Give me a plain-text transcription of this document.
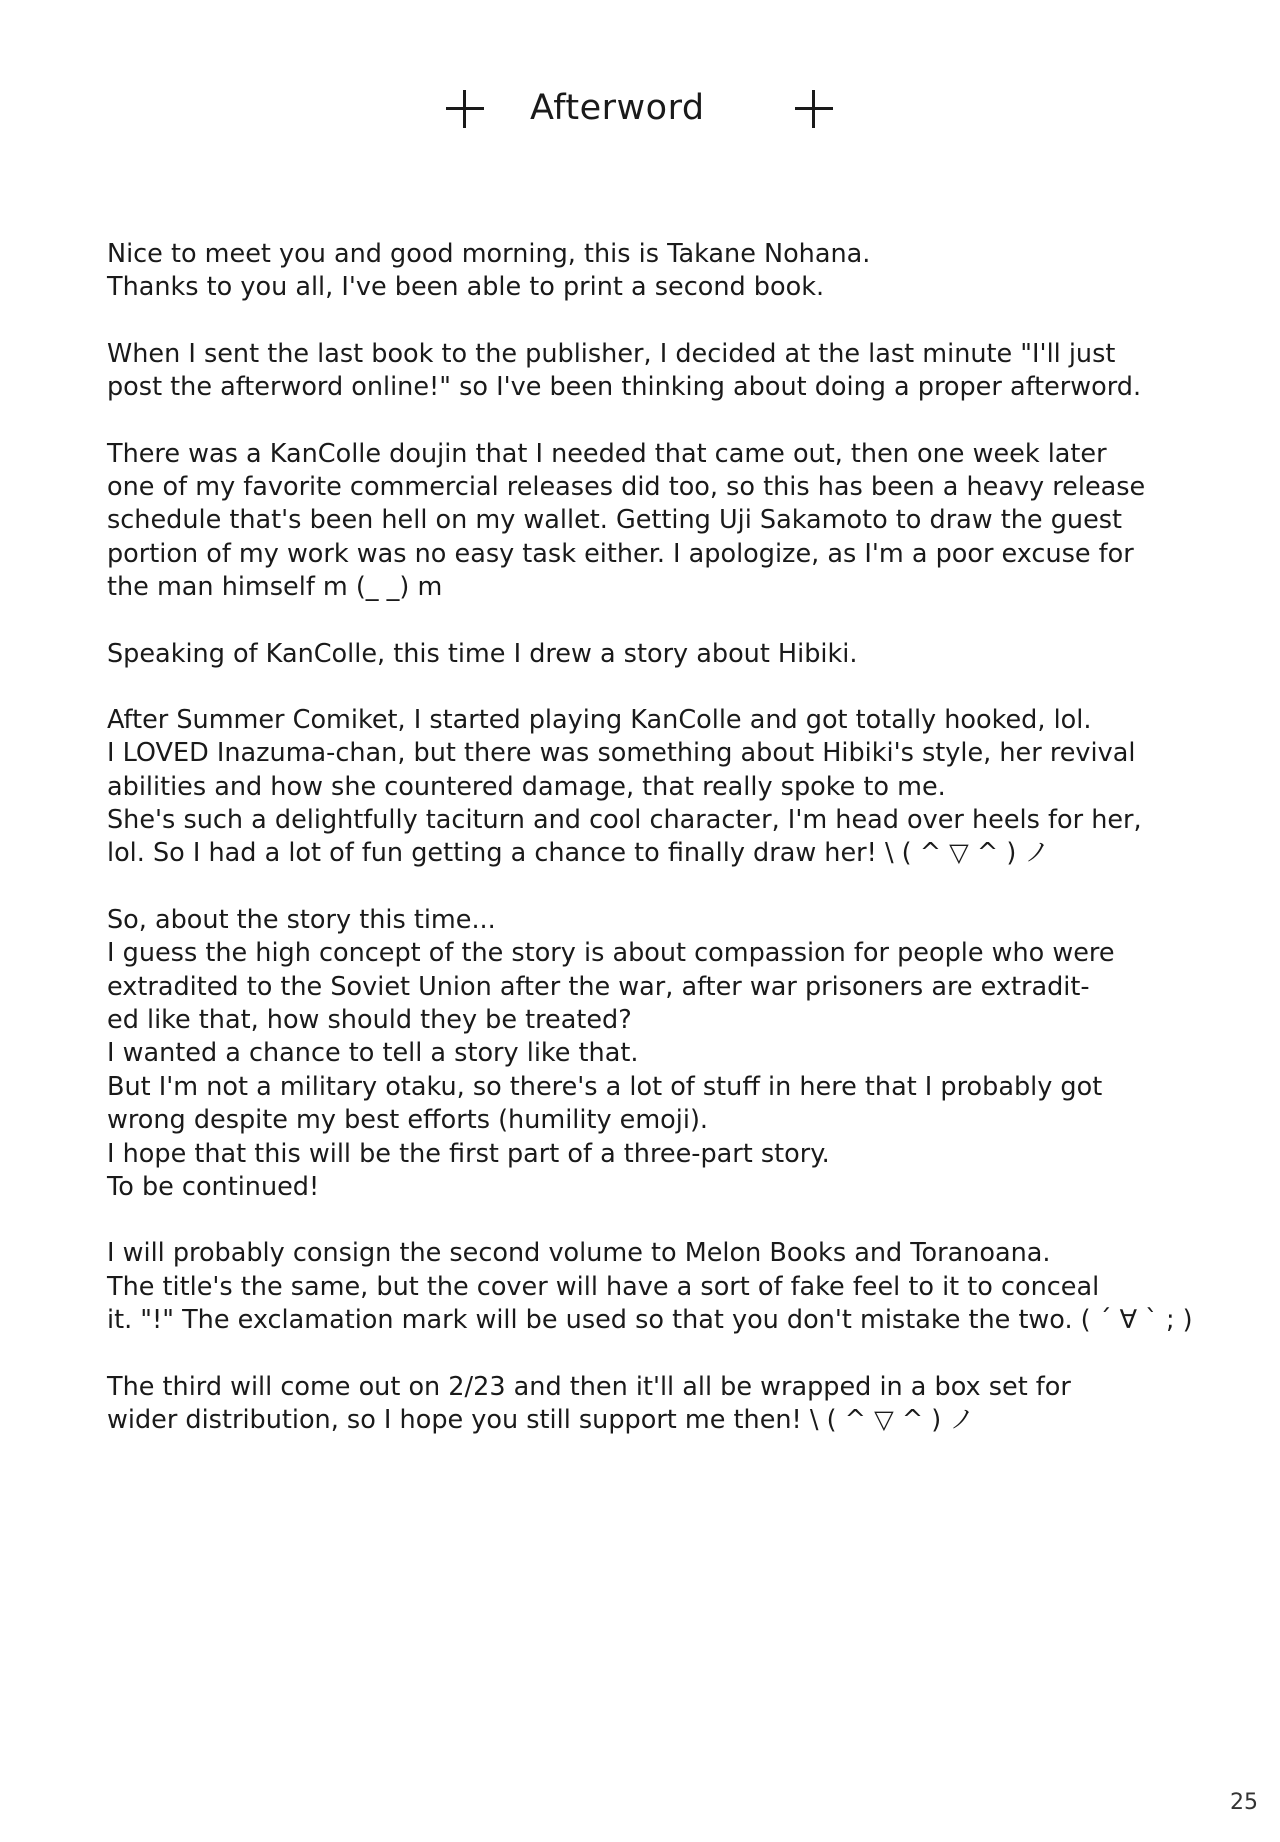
Afterword
Nice to meet you and good morning, this is Takane Nohana.
Thanks to you all, I've been able to print a second book.
When I sent the last book to the publisher, I decided at the last minute "I'll just
post the afterword online!" so I've been thinking about doing a proper afterword.
There was a KanColle doujin that I needed that came out, then one week later
one of my favorite commercial releases did too, so this has been a heavy release
schedule that's been hell on my wallet. Getting Uji Sakamoto to draw the guest
portion of my work was no easy task either. I apologize, as I'm a poor excuse for
the man himself m (_ _) m
Speaking of KanColle, this time I drew a story about Hibiki.
After Summer Comiket, I started playing KanColle and got totally hooked, lol.
I LOVED Inazuma-chan, but there was something about Hibiki's style, her revival
abilities and how she countered damage, that really spoke to me.
She's such a delightfully taciturn and cool character, I'm head over heels for her,
lol. So I had a lot of fun getting a chance to finally draw her! \ ( ^ ▽ ^ ) ノ
So, about the story this time...
I guess the high concept of the story is about compassion for people who were
extradited to the Soviet Union after the war, after war prisoners are extradit-
ed like that, how should they be treated?
I wanted a chance to tell a story like that.
But I'm not a military otaku, so there's a lot of stuff in here that I probably got
wrong despite my best efforts (humility emoji).
I hope that this will be the first part of a three-part story.
To be continued!
I will probably consign the second volume to Melon Books and Toranoana.
The title's the same, but the cover will have a sort of fake feel to it to conceal
it. "!" The exclamation mark will be used so that you don't mistake the two. ( ´ ∀ ` ; )
The third will come out on 2/23 and then it'll all be wrapped in a box set for
wider distribution, so I hope you still support me then! \ ( ^ ▽ ^ ) ノ
25
